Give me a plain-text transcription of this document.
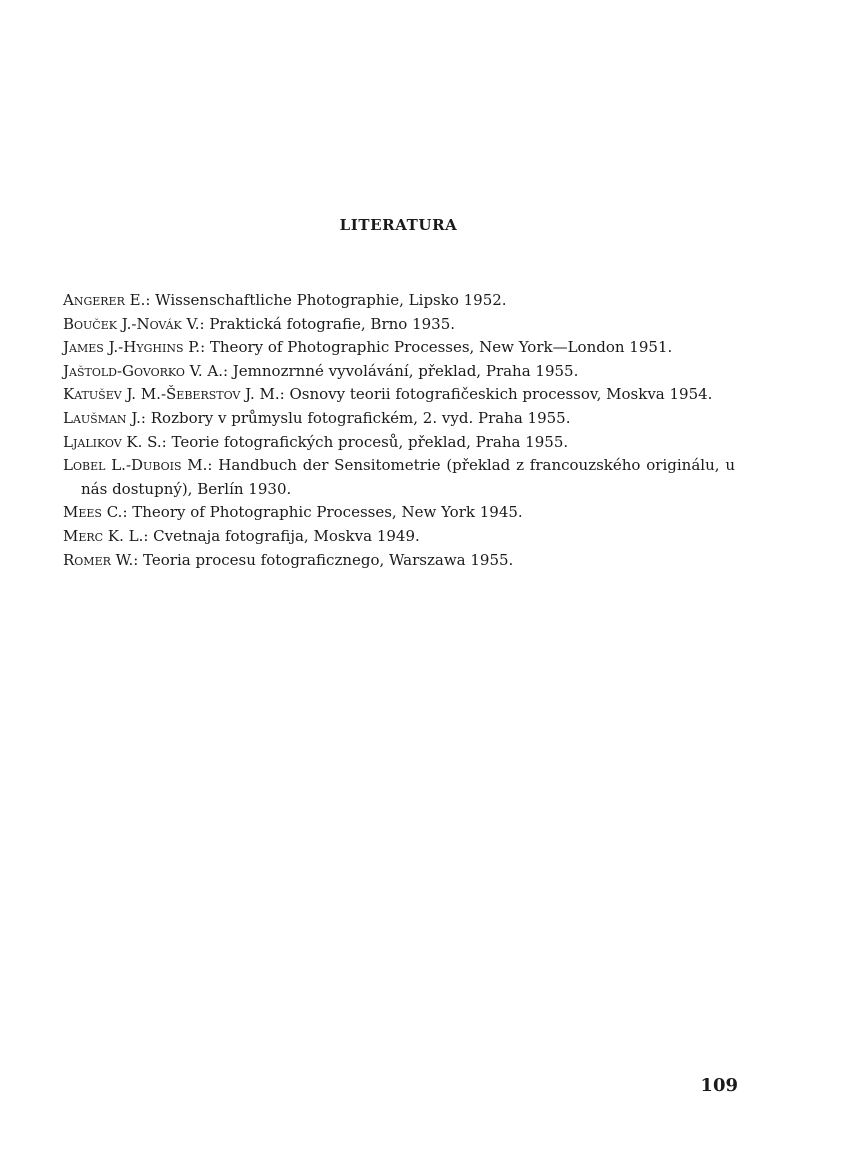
LITERATURA
Angerer E.: Wissenschaftliche Photographie, Lipsko 1952.
Bouček J.-Novák V.: Praktická fotografie, Brno 1935.
James J.-Hyghins P.: Theory of Photographic Processes, New York—London 1951.
Jaštold-Govorko V. A.: Jemnozrnné vyvolávání, překlad, Praha 1955.
Katušev J. M.-Šeberstov J. M.: Osnovy teorii fotografičeskich processov, Moskva 1954.
Laušman J.: Rozbory v průmyslu fotografickém, 2. vyd. Praha 1955.
Ljalikov K. S.: Teorie fotografických procesů, překlad, Praha 1955.
Lobel L.-Dubois M.: Handbuch der Sensitometrie (překlad z francouzského originálu, u nás dostupný), Berlín 1930.
Mees C.: Theory of Photographic Processes, New York 1945.
Merc K. L.: Cvetnaja fotografija, Moskva 1949.
Romer W.: Teoria procesu fotograficznego, Warszawa 1955.
109
